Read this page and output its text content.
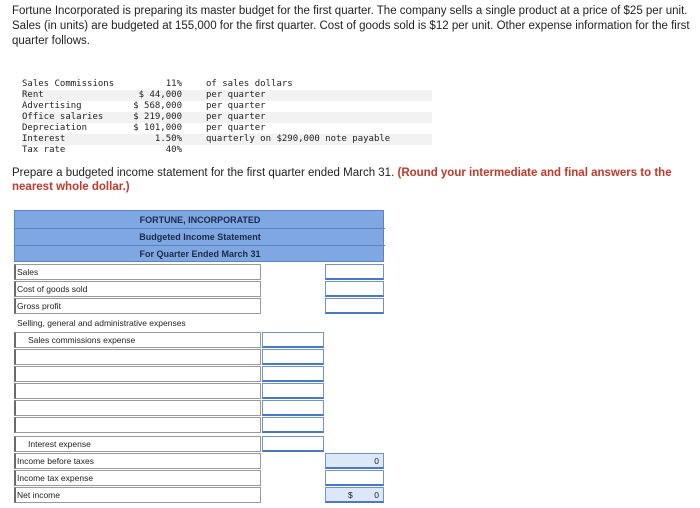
Fortune Incorporated is preparing its master budget for the first quarter. The company sells a single product at a price of $25 per unit. Sales (in units) are budgeted at 155,000 for the first quarter. Cost of goods sold is $12 per unit. Other expense information for the first quarter follows.
Sales Commissions	11%	of sales dollars
Rent	$ 44,000	per quarter
Advertising	$ 568,000	per quarter
Office salaries	$ 219,000	per quarter
Depreciation	$ 101,000	per quarter
Interest	1.50%	quarterly on $290,000 note payable
Tax rate	40%
Prepare a budgeted income statement for the first quarter ended March 31. (Round your intermediate and final answers to the nearest whole dollar.)
FORTUNE, INCORPORATED
Budgeted Income Statement
For Quarter Ended March 31
Sales
Cost of goods sold
Gross profit
Selling, general and administrative expenses
Sales commissions expense
Interest expense
Income before taxes	0
Income tax expense
Net income	$	0
